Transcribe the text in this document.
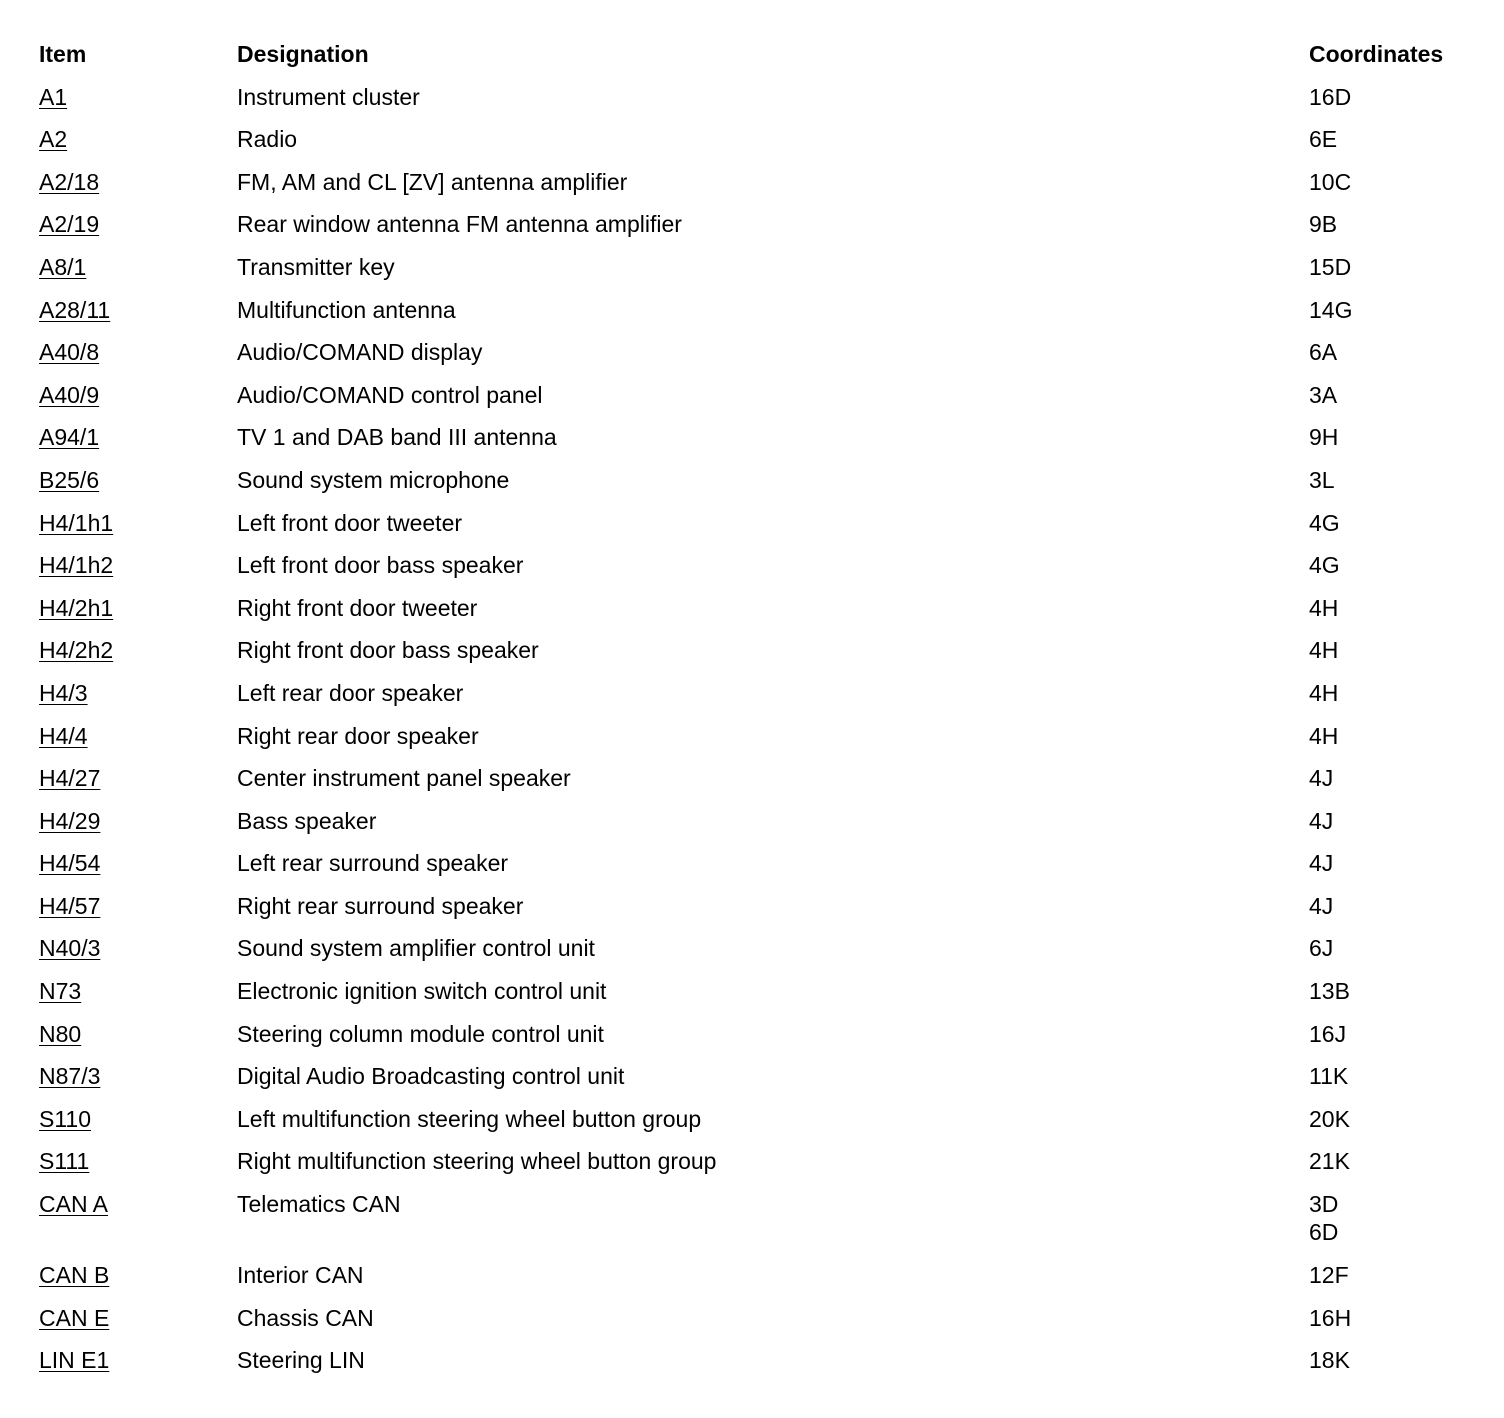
Item	Designation	Coordinates
A1	Instrument cluster	16D
A2	Radio	6E
A2/18	FM, AM and CL [ZV] antenna amplifier	10C
A2/19	Rear window antenna FM antenna amplifier	9B
A8/1	Transmitter key	15D
A28/11	Multifunction antenna	14G
A40/8	Audio/COMAND display	6A
A40/9	Audio/COMAND control panel	3A
A94/1	TV 1 and DAB band III antenna	9H
B25/6	Sound system microphone	3L
H4/1h1	Left front door tweeter	4G
H4/1h2	Left front door bass speaker	4G
H4/2h1	Right front door tweeter	4H
H4/2h2	Right front door bass speaker	4H
H4/3	Left rear door speaker	4H
H4/4	Right rear door speaker	4H
H4/27	Center instrument panel speaker	4J
H4/29	Bass speaker	4J
H4/54	Left rear surround speaker	4J
H4/57	Right rear surround speaker	4J
N40/3	Sound system amplifier control unit	6J
N73	Electronic ignition switch control unit	13B
N80	Steering column module control unit	16J
N87/3	Digital Audio Broadcasting control unit	11K
S110	Left multifunction steering wheel button group	20K
S111	Right multifunction steering wheel button group	21K
CAN A	Telematics CAN	3D
6D
CAN B	Interior CAN	12F
CAN E	Chassis CAN	16H
LIN E1	Steering LIN	18K
